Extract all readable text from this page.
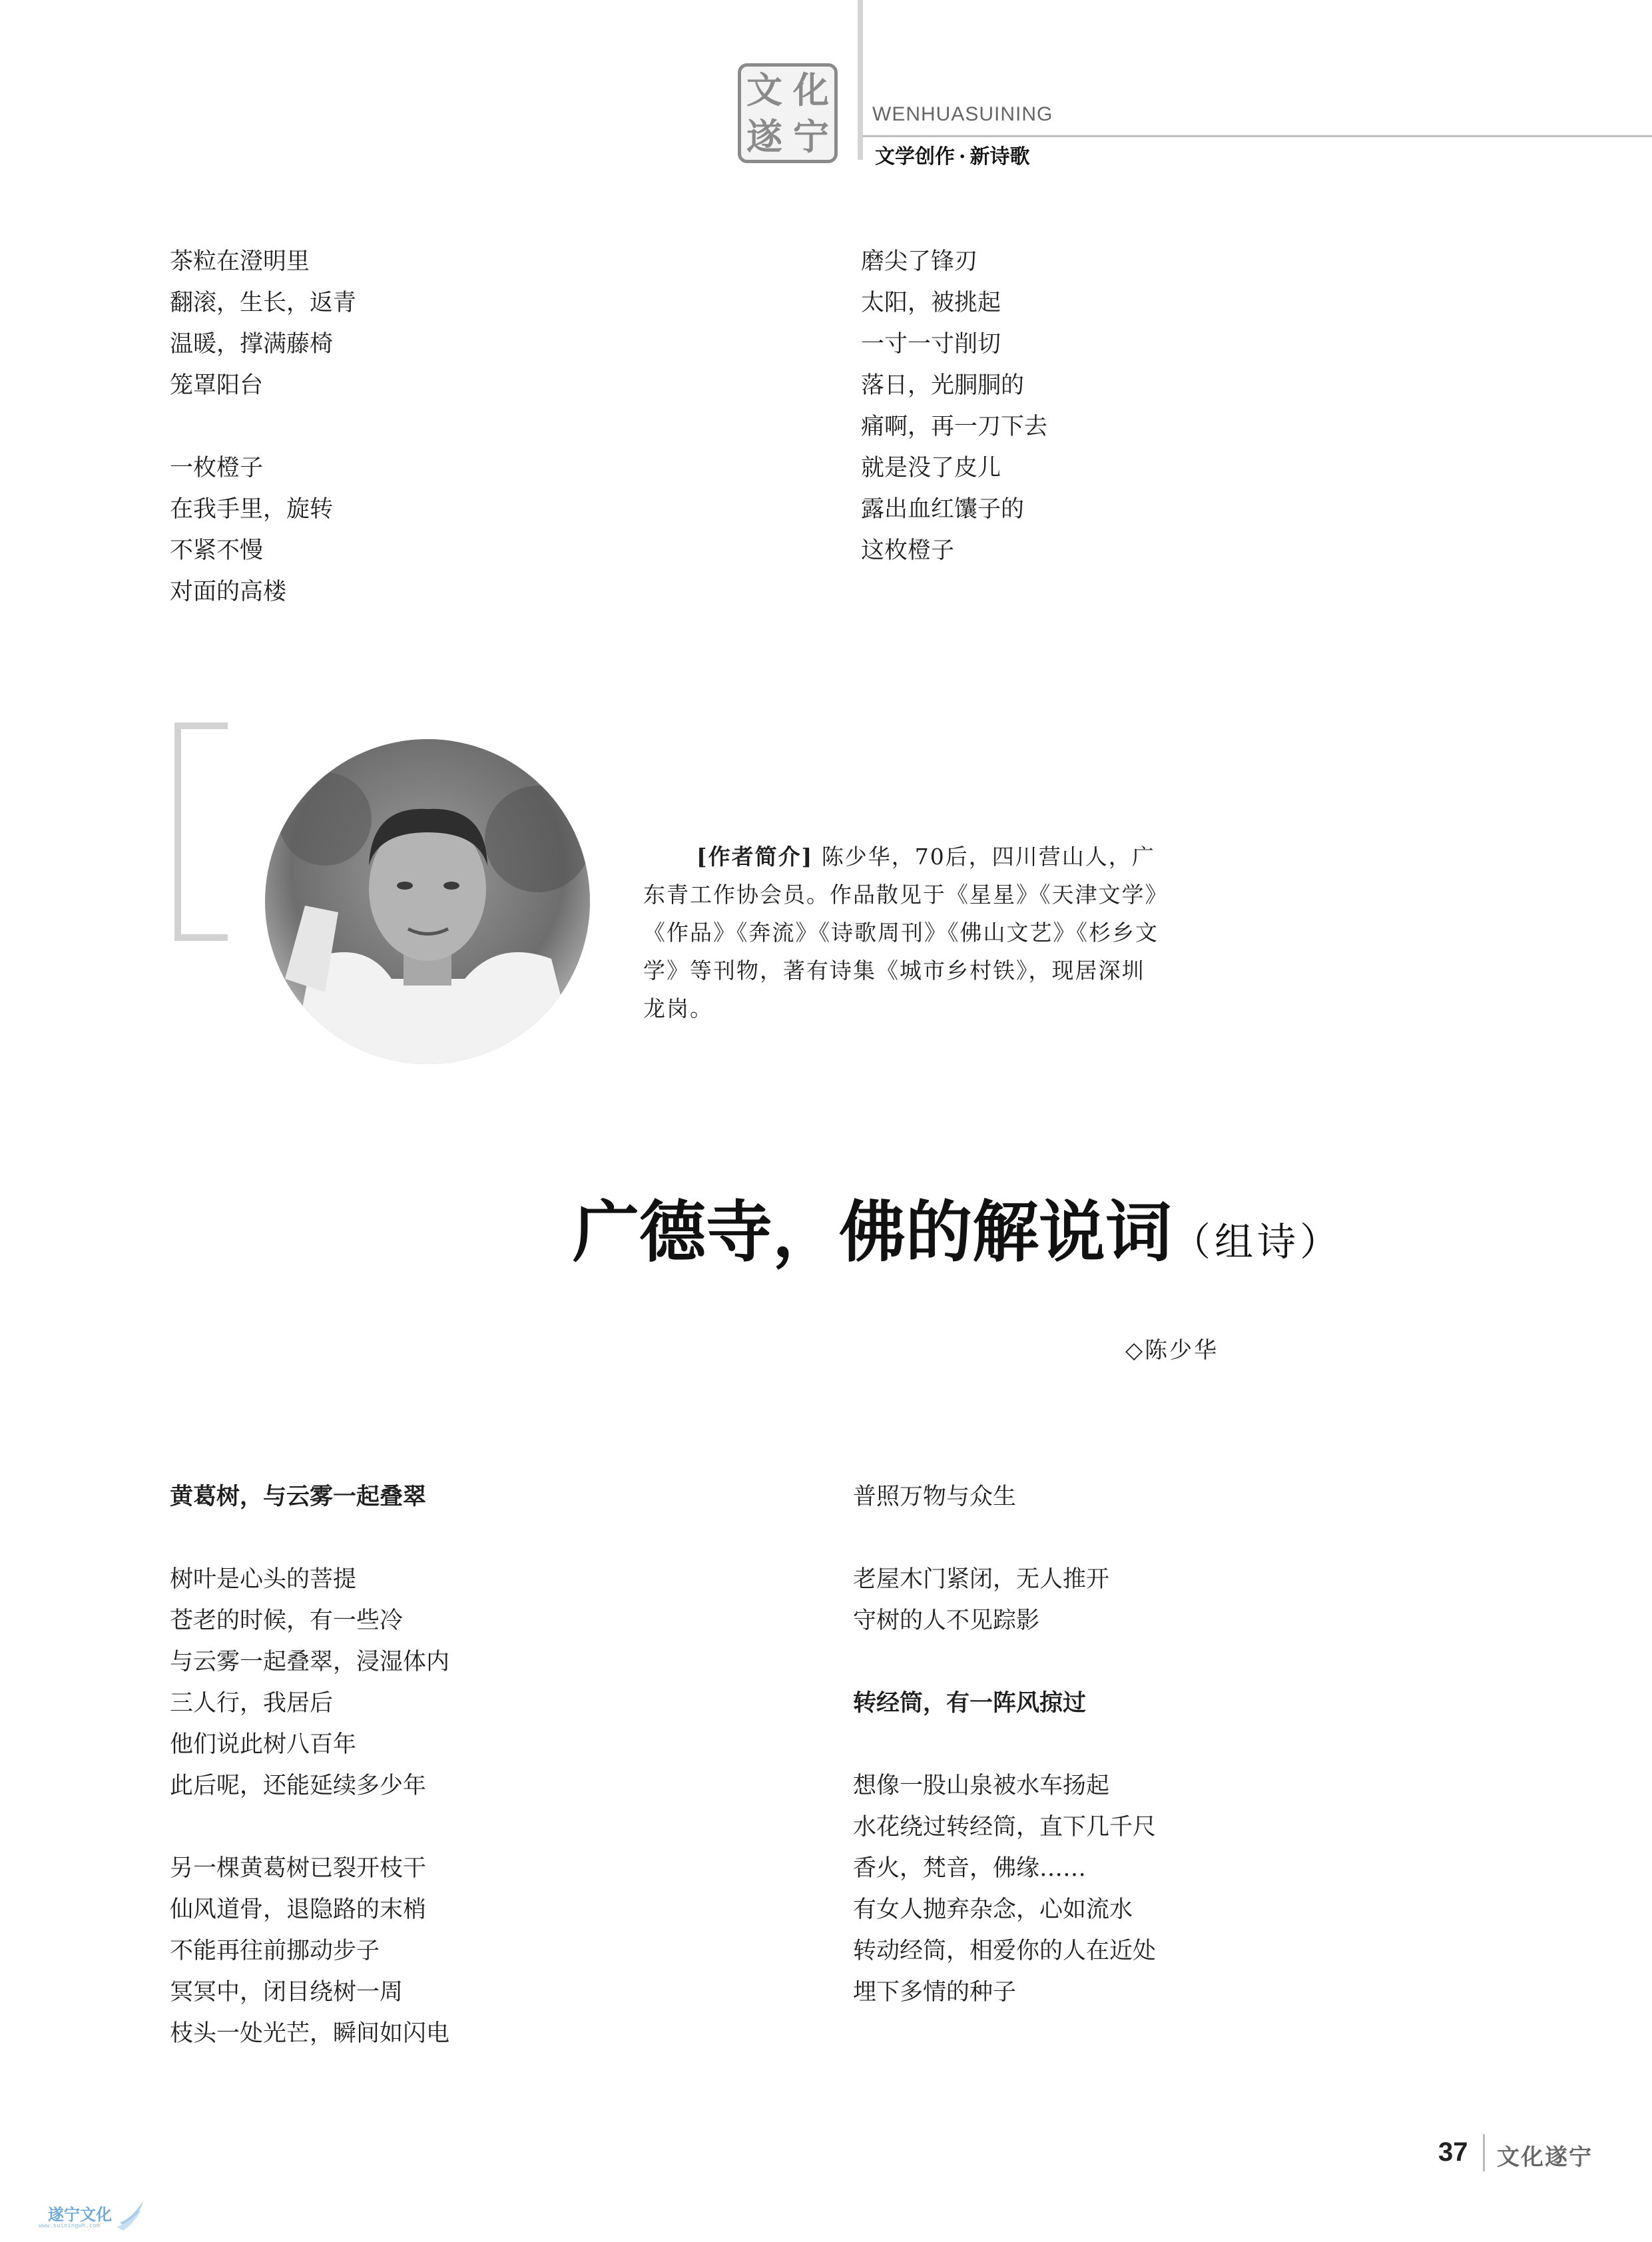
文 化
遂 宁
WENHUASUINING
文学创作 · 新诗歌
茶粒在澄明里
翻滚，生长，返青
温暖，撑满藤椅
笼罩阳台
一枚橙子
在我手里，旋转
不紧不慢
对面的高楼
磨尖了锋刃
太阳，被挑起
一寸一寸削切
落日，光胴胴的
痛啊，再一刀下去
就是没了皮儿
露出血红馕子的
这枚橙子
[作者简介] 陈少华，70后，四川营山人，广东青工作协会员。作品散见于《星星》《天津文学》《作品》《奔流》《诗歌周刊》《佛山文艺》《杉乡文学》等刊物，著有诗集《城市乡村铁》，现居深圳龙岗。
广德寺，佛的解说词（组诗）
◇陈少华
黄葛树，与云雾一起叠翠
树叶是心头的菩提
苍老的时候，有一些冷
与云雾一起叠翠，浸湿体内
三人行，我居后
他们说此树八百年
此后呢，还能延续多少年
另一棵黄葛树已裂开枝干
仙风道骨，退隐路的末梢
不能再往前挪动步子
冥冥中，闭目绕树一周
枝头一处光芒，瞬间如闪电
普照万物与众生
老屋木门紧闭，无人推开
守树的人不见踪影
转经筒，有一阵风掠过
想像一股山泉被水车扬起
水花绕过转经筒，直下几千尺
香火，梵音，佛缘……
有女人抛弃杂念，心如流水
转动经筒，相爱你的人在近处
埋下多情的种子
37 文化遂宁
遂宁文化
www.suiningwh.com
